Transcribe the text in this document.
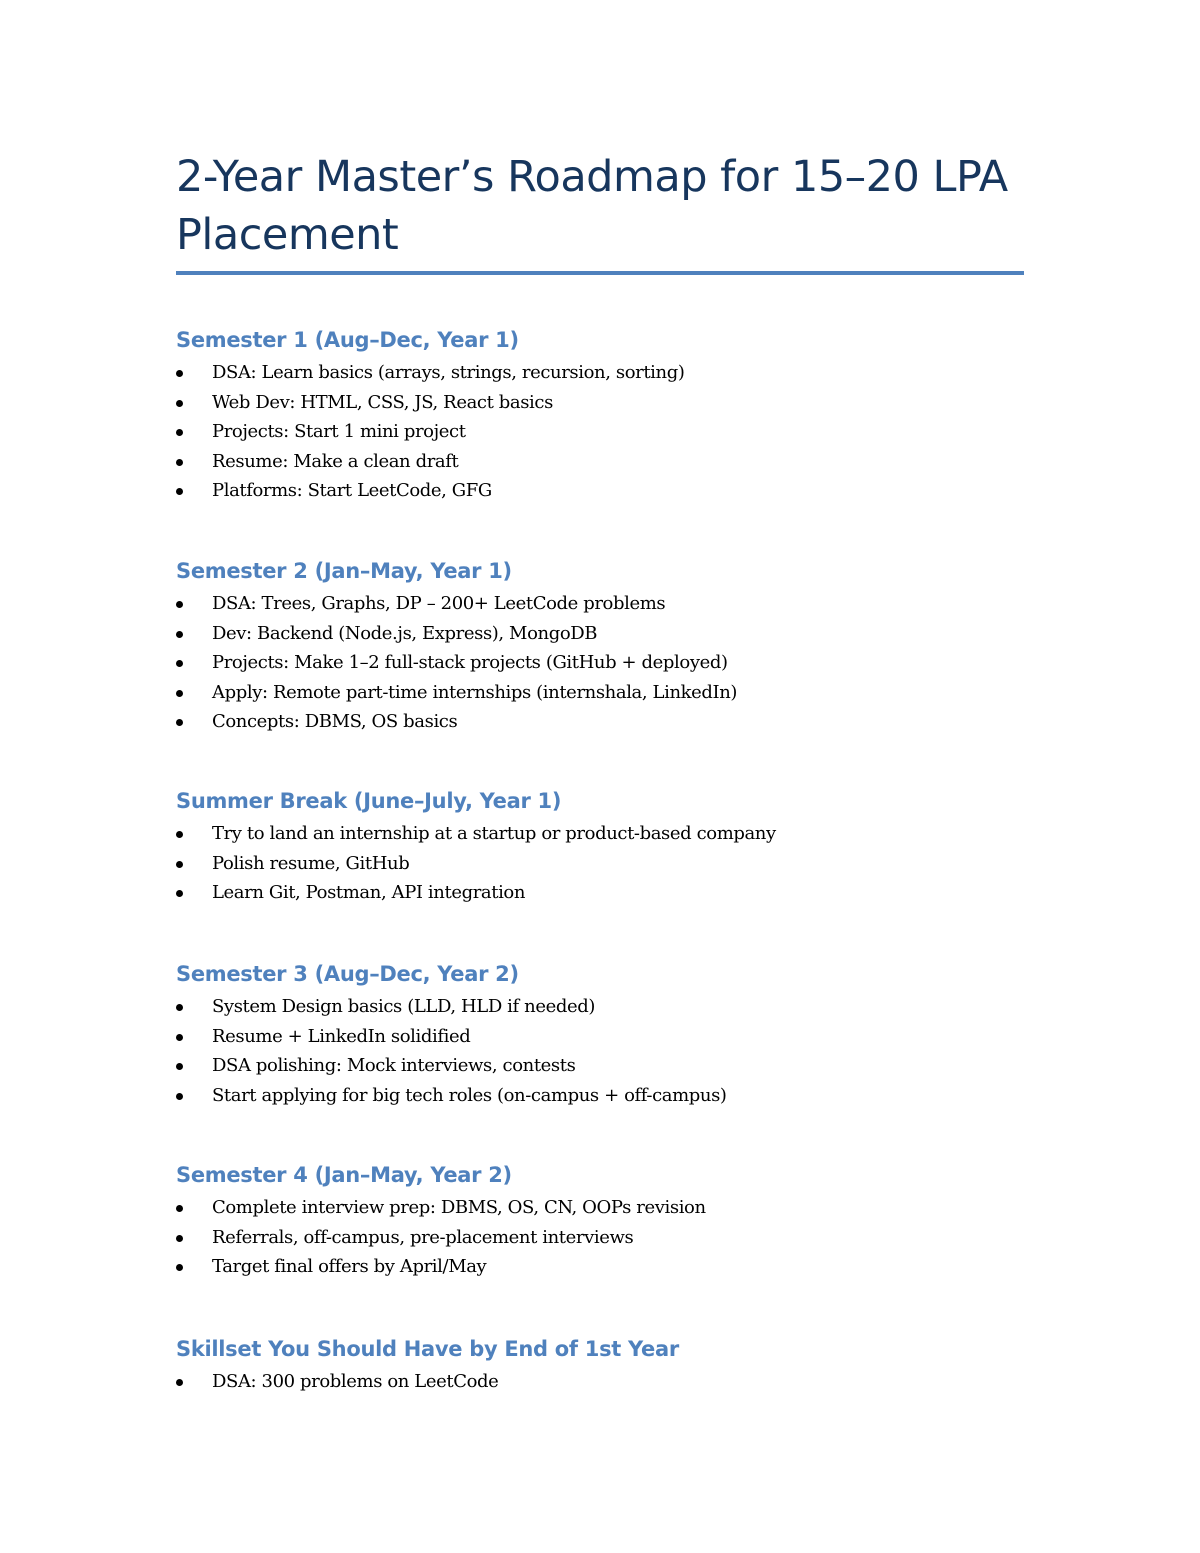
2-Year Master’s Roadmap for 15–20 LPA Placement
Semester 1 (Aug–Dec, Year 1)
DSA: Learn basics (arrays, strings, recursion, sorting)
Web Dev: HTML, CSS, JS, React basics
Projects: Start 1 mini project
Resume: Make a clean draft
Platforms: Start LeetCode, GFG
Semester 2 (Jan–May, Year 1)
DSA: Trees, Graphs, DP – 200+ LeetCode problems
Dev: Backend (Node.js, Express), MongoDB
Projects: Make 1–2 full-stack projects (GitHub + deployed)
Apply: Remote part-time internships (internshala, LinkedIn)
Concepts: DBMS, OS basics
Summer Break (June–July, Year 1)
Try to land an internship at a startup or product-based company
Polish resume, GitHub
Learn Git, Postman, API integration
Semester 3 (Aug–Dec, Year 2)
System Design basics (LLD, HLD if needed)
Resume + LinkedIn solidified
DSA polishing: Mock interviews, contests
Start applying for big tech roles (on-campus + off-campus)
Semester 4 (Jan–May, Year 2)
Complete interview prep: DBMS, OS, CN, OOPs revision
Referrals, off-campus, pre-placement interviews
Target final offers by April/May
Skillset You Should Have by End of 1st Year
DSA: 300 problems on LeetCode
